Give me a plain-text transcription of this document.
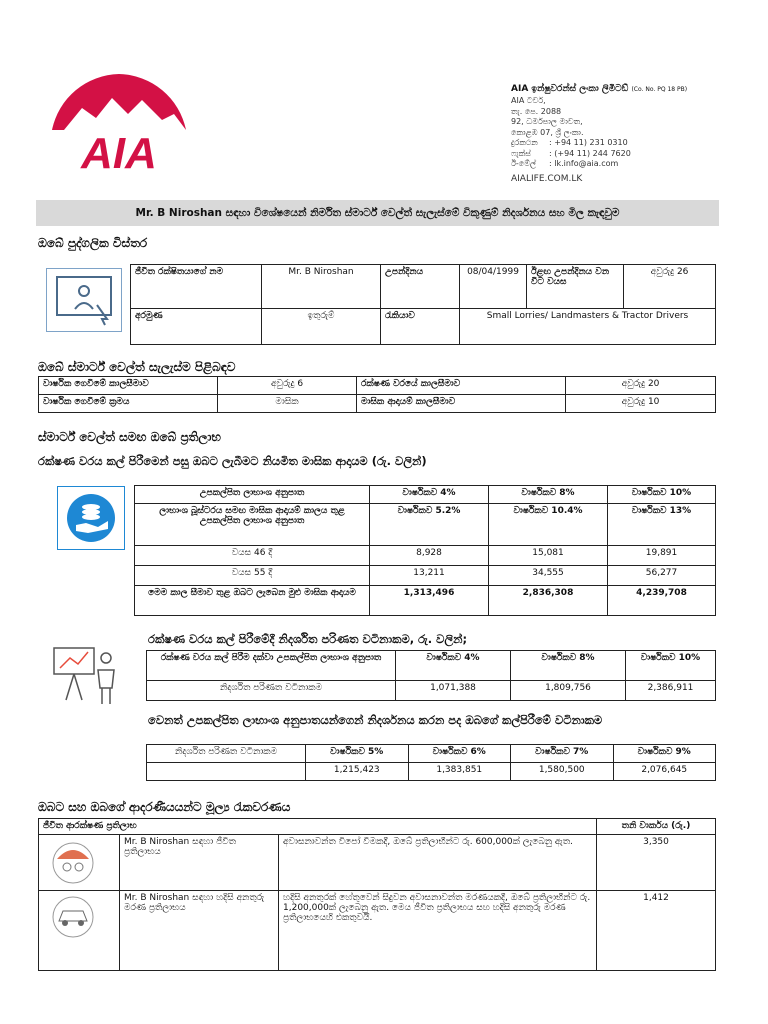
AIA
AIA ඉන්ෂුවරන්ස් ලංකා ලිමිටඩ් (Co. No. PQ 18 PB)
AIA ටවර්,
තැ. පෙ. 2088
92, ධර්මපාල මාවත,
කොළඹ 07, ශ්‍රී ලංකා.
දුරකථන : +94 11) 231 0310
ෆැක්ස් : (+94 11) 244 7620
ඊ-මේල් : lk.info@aia.com
AIALIFE.COM.LK
Mr. B Niroshan සඳහා විශේෂයෙන් නිර්මිත ස්මාර්ට් වෙල්ත් සැලැස්මේ විකුණුම් නිදර්ශනය සහ මිල කැඳවුම
ඔබේ පුද්ගලික විස්තර
ජීවිත රක්ෂිතයාගේ නම	Mr. B Niroshan	උපන්දිනය	08/04/1999	ඊළඟ උපන්දිනය වන විට වයස	අවුරුදු 26
අරමුණ	ඉතුරුම්	රැකියාව	Small Lorries/ Landmasters & Tractor Drivers		
ඔබේ ස්මාර්ට් වෙල්ත් සැලැස්ම පිළිබඳව
වාර්ෂික ගෙවීමේ කාලසීමාව	අවුරුදු 6	රක්ෂණ වරයේ කාලසීමාව	අවුරුදු 20
වාර්ෂික ගෙවීමේ ක්‍රමය	මාසික	මාසික ආදායම් කාලසීමාව	අවුරුදු 10
ස්මාර්ට් වෙල්ත් සමඟ ඔබේ ප්‍රතිලාභ
රක්ෂණ වරය කල් පිරීමෙන් පසු ඔබට ලැබීමට නියමිත මාසික ආදායම (රු. වලින්)
උපකල්පිත ලාභාංශ අනුපාත	වාර්ෂිකව 4%	වාර්ෂිකව 8%	වාර්ෂිකව 10%
ලාභාංශ බූස්ටරය සමඟ මාසික ආදායම් කාලය තුළ උපකල්පිත ලාභාංශ අනුපාත	වාර්ෂිකව 5.2%	වාර්ෂිකව 10.4%	වාර්ෂිකව 13%
වයස 46 දී	8,928	15,081	19,891
වයස 55 දී	13,211	34,555	56,277
මෙම කාල සීමාව තුළ ඔබට ලැබෙන මුළු මාසික ආදායම	1,313,496	2,836,308	4,239,708
රක්ෂණ වරය කල් පිරීමේදී නිදර්ශිත පරිණත වටිනාකම, රු. වලින්;
රක්ෂණ වරය කල් පිරීම දක්වා උපකල්පිත ලාභාංශ අනුපාත	වාර්ෂිකව 4%	වාර්ෂිකව 8%	වාර්ෂිකව 10%
නිදර්ශිත පරිණත වටිනාකම	1,071,388	1,809,756	2,386,911
වෙනත් උපකල්පිත ලාභාංශ අනුපාතයන්ගෙන් නිදර්ශනය කරන පද ඔබගේ කල්පිරීමේ වටිනාකම
නිදර්ශිත පරිණත වටිනාකම	වාර්ෂිකව 5%	වාර්ෂිකව 6%	වාර්ෂිකව 7%	වාර්ෂිකව 9%
	1,215,423	1,383,851	1,580,500	2,076,645
ඔබට සහ ඔබගේ ආදරණීයයන්ට මූල්‍ය රැකවරණය
ජීවිත ආරක්ෂණ ප්‍රතිලාභ			තනි වාර්කය (රු.)
	Mr. B Niroshan සඳහා ජීවිත ප්‍රතිලාභය	අවාසනාවන්ත විපෝ වීමකදී, ඔබේ ප්‍රතිලාභීන්ට රු. 600,000ක් ලැබෙනු ඇත.	3,350
	Mr. B Niroshan සඳහා හදිසි අනතුරු මරණ ප්‍රතිලාභය	හදිසි අනතුරක් හේතුවෙන් සිදුවන අවාසනාවන්ත මරණයකදී, ඔබේ ප්‍රතිලාභීන්ට රු. 1,200,000ක් ලැබෙනු ඇත. මෙය ජීවිත ප්‍රතිලාභය සහ හදිසි අනතුරු මරණ ප්‍රතිලාභයෙහි එකතුවයි.	1,412
